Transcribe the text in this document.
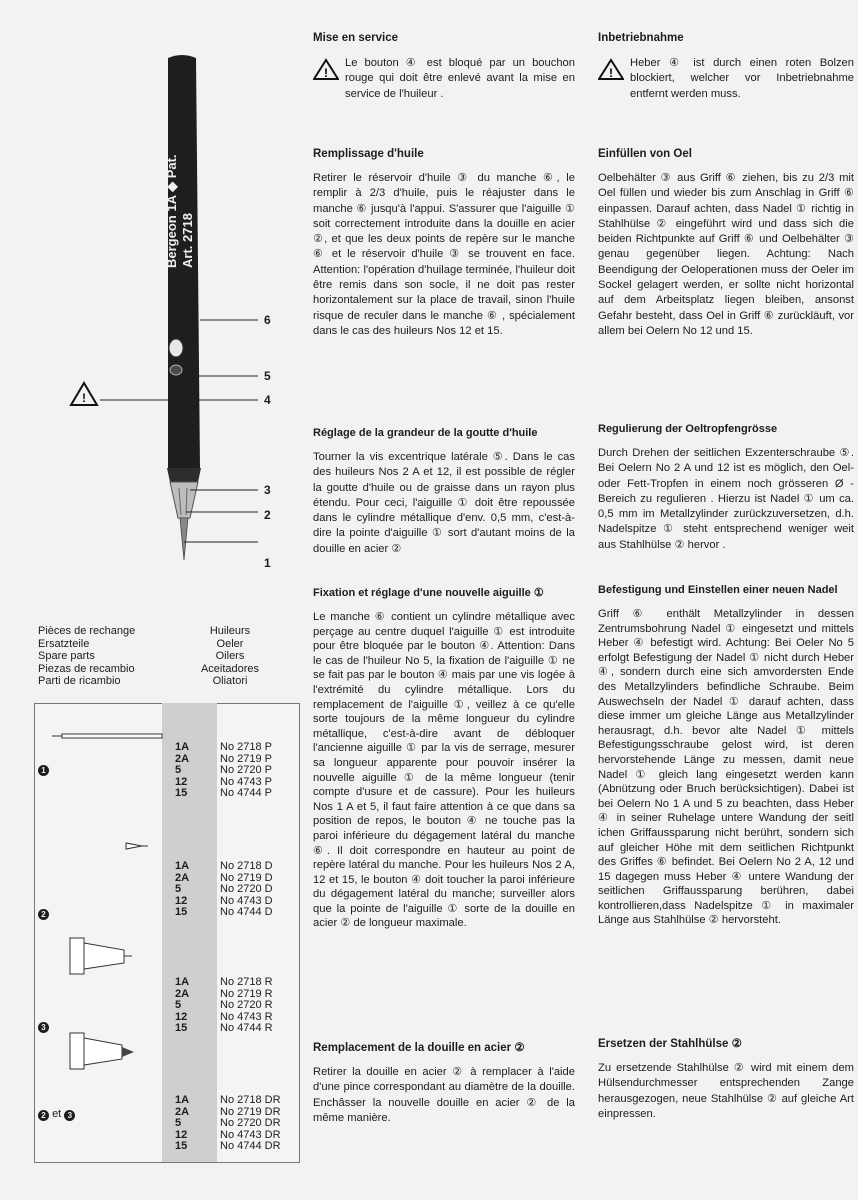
!
Bergeon 1A ◆ Pat. Art. 2718
6
5
4
3
2
1
Pièces de rechange
Ersatzteile
Spare parts
Piezas de recambio
Parti de ricambio
Huileurs
Oeler
Oilers
Aceitadores
Oliatori
1
2
3
2 et 3
1A	No 2718 P
2A	No 2719 P
5	No 2720 P
12	No 4743 P
15	No 4744 P
1A	No 2718 D
2A	No 2719 D
5	No 2720 D
12	No 4743 D
15	No 4744 D
1A	No 2718 R
2A	No 2719 R
5	No 2720 R
12	No 4743 R
15	No 4744 R
1A	No 2718 DR
2A	No 2719 DR
5	No 2720 DR
12	No 4743 DR
15	No 4744 DR

Mise en service

!

Le bouton ④ est bloqué par un bouchon rouge qui doit être enlevé avant la mise en service de l'huileur .

Remplissage d'huile

Retirer le réservoir d'huile ③ du manche ⑥, le remplir à 2/3 d'huile, puis le réajuster dans le manche ⑥ jusqu'à l'appui. S'assurer que l'aiguille ① soit correctement introduite dans la douille en acier ②, et que les deux points de repère sur le manche ⑥ et le réservoir d'huile ③ se trouvent en face. Attention: l'opération d'huilage terminée, l'huileur doit être remis dans son socle, il ne doit pas rester horizontalement sur la place de travail, sinon l'huile risque de reculer dans le manche ⑥ , spécialement dans le cas des huileurs Nos 12 et 15.

Réglage de la grandeur de la goutte d'huile

Tourner la vis excentrique latérale ⑤. Dans le cas des huileurs Nos 2 A et 12, il est possible de régler la goutte d'huile ou de graisse dans un rayon plus étendu. Pour ceci, l'aiguille ① doit être repoussée dans le cylindre métallique d'env. 0,5 mm, c'est-à-dire la pointe d'aiguille ① sort d'autant moins de la douille en acier ②

Fixation et réglage d'une nouvelle aiguille ①

Le manche ⑥ contient un cylindre métallique avec perçage au centre duquel l'aiguille ① est introduite pour être bloquée par le bouton ④. Attention: Dans le cas de l'huileur No 5, la fixation de l'aiguille ① ne se fait pas par le bouton ④ mais par une vis logée à l'extrémité du cylindre métallique. Lors du remplacement de l'aiguille ①, veillez à ce qu'elle sorte toujours de la même longueur du cylindre métallique, c'est-à-dire avant de débloquer l'ancienne aiguille ① par la vis de serrage, mesurer sa longueur apparente pour pouvoir insérer la nouvelle aiguille ① de la même longueur (tenir compte d'usure et de cassure). Pour les huileurs Nos 1 A et 5, il faut faire attention à ce que dans sa position de repos, le bouton ④ ne touche pas la paroi inférieure du dégagement latéral du manche ⑥. Il doit correspondre en hauteur au point de repère latéral du manche. Pour les huileurs Nos 2 A, 12 et 15, le bouton ④ doit toucher la paroi inférieure du dégagement latéral du manche; surveiller alors que la pointe de l'aiguille ① sorte de la douille en acier ② de longueur maximale.

Remplacement de la douille en acier ②

Retirer la douille en acier ② à remplacer à l'aide d'une pince correspondant au diamètre de la douille. Enchâsser la nouvelle douille en acier ② de la même manière.

Inbetriebnahme

!

Heber ④ ist durch einen roten Bolzen blockiert, welcher vor Inbetriebnahme entfernt werden muss.

Einfüllen von Oel

Oelbehälter ③ aus Griff ⑥ ziehen, bis zu 2/3 mit Oel füllen und wieder bis zum Anschlag in Griff ⑥ einpassen. Darauf achten, dass Nadel ① richtig in Stahlhülse ② eingeführt wird und dass sich die beiden Richtpunkte auf Griff ⑥ und Oelbehälter ③ genau gegenüber liegen. Achtung: Nach Beendigung der Oeloperationen muss der Oeler im Sockel gelagert werden, er sollte nicht horizontal auf dem Arbeitsplatz liegen bleiben, ansonst Gefahr besteht, dass Oel in Griff ⑥ zurückläuft, vor allem bei Oelern No 12 und 15.

Regulierung der Oeltropfengrösse

Durch Drehen der seitlichen Exzenterschraube ⑤. Bei Oelern No 2 A und 12 ist es möglich, den Oel- oder Fett-Tropfen in einem noch grösseren Ø -Bereich zu regulieren . Hierzu ist Nadel ① um ca. 0,5 mm im Metallzylinder zurückzuversetzen, d.h. Nadelspitze ① steht entsprechend weniger weit aus Stahlhülse ② hervor .

Befestigung und Einstellen einer neuen Nadel

Griff ⑥ enthält Metallzylinder in dessen Zentrumsbohrung Nadel ① eingesetzt und mittels Heber ④ befestigt wird. Achtung: Bei Oeler No 5 erfolgt Befestigung der Nadel ① nicht durch Heber ④, sondern durch eine sich amvordersten Ende des Metallzylinders befindliche Schraube. Beim Auswechseln der Nadel ① darauf achten, dass diese immer um gleiche Länge aus Metallzylinder herausragt, d.h. bevor alte Nadel ① mittels Befestigungsschraube gelost wird, ist deren hervorstehende Länge zu messen, damit neue Nadel ① gleich lang eingesetzt werden kann (Abnützung oder Bruch berücksichtigen). Dabei ist bei Oelern No 1 A und 5 zu beachten, dass Heber ④ in seiner Ruhelage untere Wandung der seitl ichen Griffaussparung nicht berührt, sondern sich auf gleicher Höhe mit dem seitlichen Richtpunkt des Griffes ⑥ befindet. Bei Oelern No 2 A, 12 und 15 dagegen muss Heber ④ untere Wandung der seitlichen Griffaussparung berühren, dabei kontrollieren,dass Nadelspitze ① in maximaler Länge aus Stahlhülse ② hervorsteht.

Ersetzen der Stahlhülse ②

Zu ersetzende Stahlhülse ② wird mit einem dem Hülsendurchmesser entsprechenden Zange herausgezogen, neue Stahlhülse ② auf gleiche Art einpressen.
